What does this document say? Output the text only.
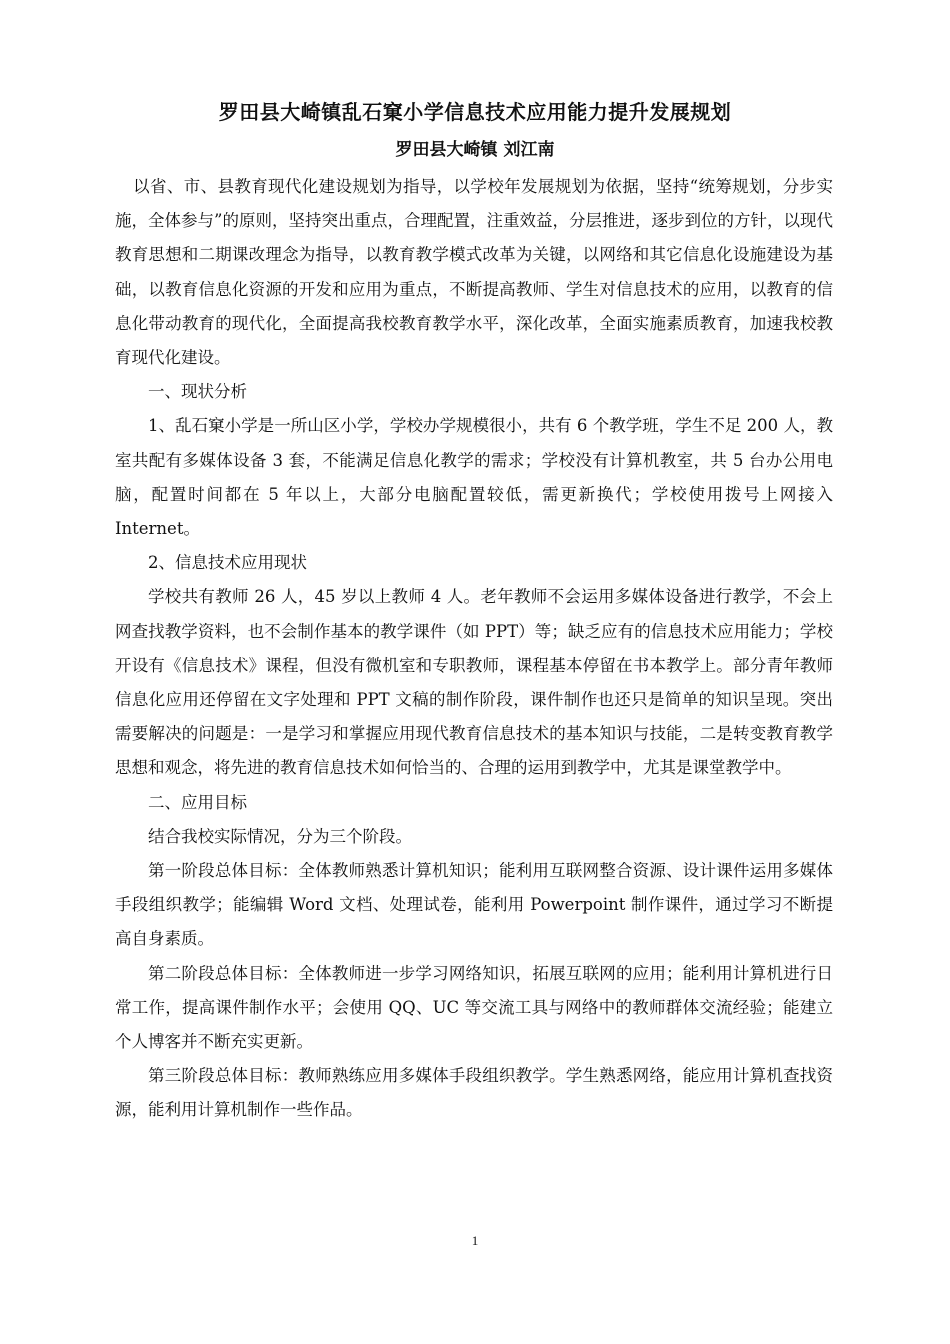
罗田县大崎镇乱石窠小学信息技术应用能力提升发展规划
罗田县大崎镇 刘江南

以省、市、县教育现代化建设规划为指导，以学校年发展规划为依据，坚持“统筹规划，分步实施，全体参与”的原则，坚持突出重点，合理配置，注重效益，分层推进，逐步到位的方针，以现代教育思想和二期课改理念为指导，以教育教学模式改革为关键，以网络和其它信息化设施建设为基础，以教育信息化资源的开发和应用为重点，不断提高教师、学生对信息技术的应用，以教育的信息化带动教育的现代化，全面提高我校教育教学水平，深化改革，全面实施素质教育，加速我校教育现代化建设。

一、现状分析

1、乱石窠小学是一所山区小学，学校办学规模很小，共有 6 个教学班，学生不足 200 人，教室共配有多媒体设备 3 套，不能满足信息化教学的需求；学校没有计算机教室，共 5 台办公用电脑，配置时间都在 5 年以上，大部分电脑配置较低，需更新换代；学校使用拨号上网接入 Internet。

2、信息技术应用现状

学校共有教师 26 人，45 岁以上教师 4 人。老年教师不会运用多媒体设备进行教学，不会上网查找教学资料，也不会制作基本的教学课件（如 PPT）等；缺乏应有的信息技术应用能力；学校开设有《信息技术》课程，但没有微机室和专职教师，课程基本停留在书本教学上。部分青年教师信息化应用还停留在文字处理和 PPT 文稿的制作阶段，课件制作也还只是简单的知识呈现。突出需要解决的问题是：一是学习和掌握应用现代教育信息技术的基本知识与技能，二是转变教育教学思想和观念，将先进的教育信息技术如何恰当的、合理的运用到教学中，尤其是课堂教学中。

二、应用目标

结合我校实际情况，分为三个阶段。

第一阶段总体目标：全体教师熟悉计算机知识；能利用互联网整合资源、设计课件运用多媒体手段组织教学；能编辑 Word 文档、处理试卷，能利用 Powerpoint 制作课件，通过学习不断提高自身素质。

第二阶段总体目标：全体教师进一步学习网络知识，拓展互联网的应用；能利用计算机进行日常工作，提高课件制作水平；会使用 QQ、UC 等交流工具与网络中的教师群体交流经验；能建立个人博客并不断充实更新。

第三阶段总体目标：教师熟练应用多媒体手段组织教学。学生熟悉网络，能应用计算机查找资源，能利用计算机制作一些作品。

1
